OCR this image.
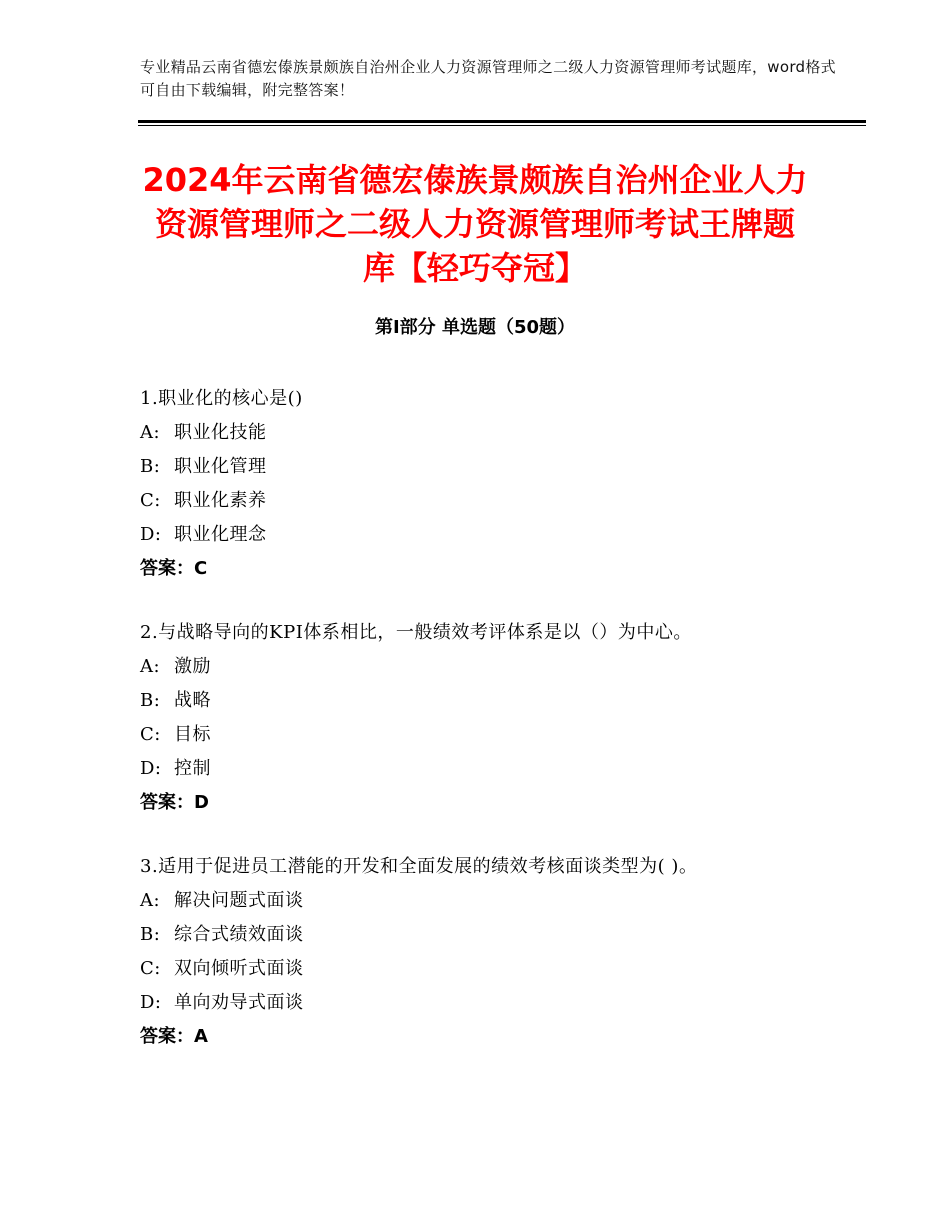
专业精品云南省德宏傣族景颇族自治州企业人力资源管理师之二级人力资源管理师考试题库，word格式可自由下载编辑，附完整答案！
2024年云南省德宏傣族景颇族自治州企业人力资源管理师之二级人力资源管理师考试王牌题库【轻巧夺冠】
第Ⅰ部分 单选题（50题）
1.职业化的核心是()
A: 职业化技能
B: 职业化管理
C: 职业化素养
D: 职业化理念
答案：C
2.与战略导向的KPI体系相比，一般绩效考评体系是以（）为中心。
A: 激励
B: 战略
C: 目标
D: 控制
答案：D
3.适用于促进员工潜能的开发和全面发展的绩效考核面谈类型为( )。
A: 解决问题式面谈
B: 综合式绩效面谈
C: 双向倾听式面谈
D: 单向劝导式面谈
答案：A
